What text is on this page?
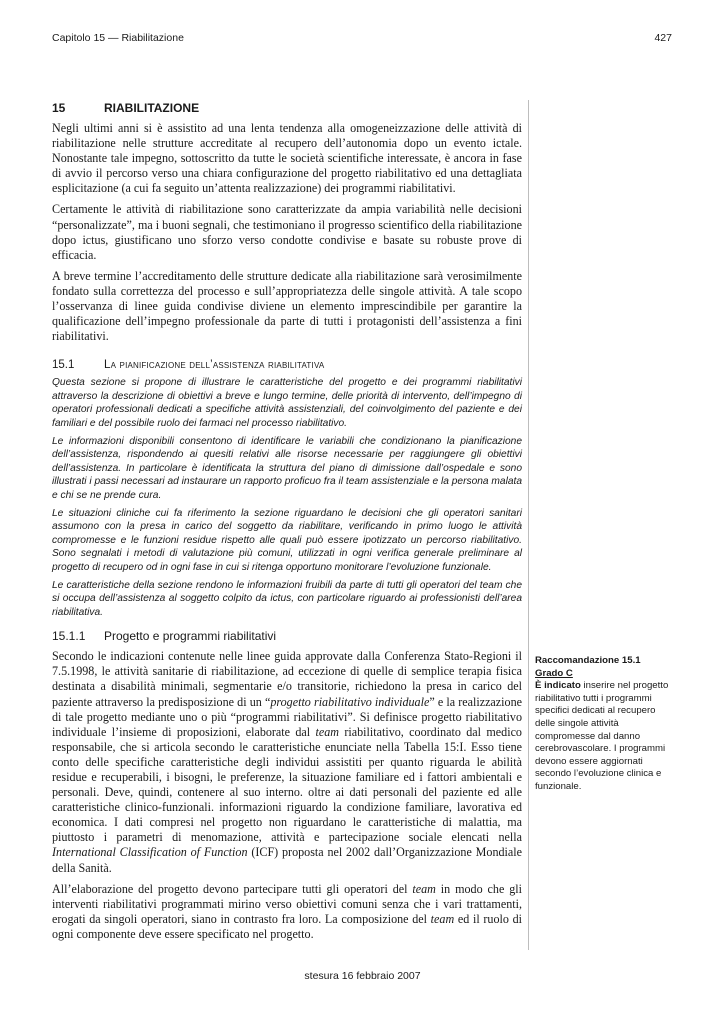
Capitolo 15 — Riabilitazione	427
15	RIABILITAZIONE

Negli ultimi anni si è assistito ad una lenta tendenza alla omogeneizzazione delle attività di riabilitazione nelle strutture accreditate al recupero dell’autonomia dopo un evento ictale. Nonostante tale impegno, sottoscritto da tutte le società scientifiche interessate, è ancora in fase di avvio il percorso verso una chiara configurazione del progetto riabilitativo ed una dettagliata esplicitazione (a cui fa seguito un’attenta realizzazione) dei programmi riabilitativi.

Certamente le attività di riabilitazione sono caratterizzate da ampia variabilità nelle decisioni “personalizzate”, ma i buoni segnali, che testimoniano il progresso scientifico della riabilitazione dopo ictus, giustificano uno sforzo verso condotte condivise e basate su robuste prove di efficacia.

A breve termine l’accreditamento delle strutture dedicate alla riabilitazione sarà verosimilmente fondato sulla correttezza del processo e sull’appropriatezza delle singole attività. A tale scopo l’osservanza di linee guida condivise diviene un elemento imprescindibile per garantire la qualificazione dell’impegno professionale da parte di tutti i protagonisti dell’assistenza a fini riabilitativi.

15.1	La pianificazione dell’assistenza riabilitativa

Questa sezione si propone di illustrare le caratteristiche del progetto e dei programmi riabilitativi attraverso la descrizione di obiettivi a breve e lungo termine, delle priorità di intervento, dell’impegno di operatori professionali dedicati a specifiche attività assistenziali, del coinvolgimento del paziente e dei familiari e del possibile ruolo dei farmaci nel processo riabilitativo.

Le informazioni disponibili consentono di identificare le variabili che condizionano la pianificazione dell’assistenza, rispondendo ai quesiti relativi alle risorse necessarie per raggiungere gli obiettivi dell’assistenza. In particolare è identificata la struttura del piano di dimissione dall’ospedale e sono illustrati i passi necessari ad instaurare un rapporto proficuo fra il team assistenziale e la persona malata e chi se ne prende cura.

Le situazioni cliniche cui fa riferimento la sezione riguardano le decisioni che gli operatori sanitari assumono con la presa in carico del soggetto da riabilitare, verificando in primo luogo le attività compromesse e le funzioni residue rispetto alle quali può essere ipotizzato un percorso riabilitativo. Sono segnalati i metodi di valutazione più comuni, utilizzati in ogni verifica generale preliminare al progetto di recupero od in ogni fase in cui si ritenga opportuno monitorare l’evoluzione funzionale.

Le caratteristiche della sezione rendono le informazioni fruibili da parte di tutti gli operatori del team che si occupa dell’assistenza al soggetto colpito da ictus, con particolare riguardo ai professionisti dell’area riabilitativa.

15.1.1 Progetto e programmi riabilitativi

Secondo le indicazioni contenute nelle linee guida approvate dalla Conferenza Stato-Regioni il 7.5.1998, le attività sanitarie di riabilitazione, ad eccezione di quelle di semplice terapia fisica destinata a disabilità minimali, segmentarie e/o transitorie, richiedono la presa in carico del paziente attraverso la predisposizione di un “progetto riabilitativo individuale” e la realizzazione di tale progetto mediante uno o più “programmi riabilitativi”. Si definisce progetto riabilitativo individuale l’insieme di proposizioni, elaborate dal team riabilitativo, coordinato dal medico responsabile, che si articola secondo le caratteristiche enunciate nella Tabella 15:I. Esso tiene conto delle specifiche caratteristiche degli individui assistiti per quanto riguarda le abilità residue e recuperabili, i bisogni, le preferenze, la situazione familiare ed i fattori ambientali e personali. Deve, quindi, contenere al suo interno. oltre ai dati personali del paziente ed alle caratteristiche clinico-funzionali. informazioni riguardo la condizione familiare, lavorativa ed economica. I dati compresi nel progetto non riguardano le caratteristiche di malattia, ma piuttosto i parametri di menomazione, attività e partecipazione sociale elencati nella International Classification of Function (ICF) proposta nel 2002 dall’Organizzazione Mondiale della Sanità.

All’elaborazione del progetto devono partecipare tutti gli operatori del team in modo che gli interventi riabilitativi programmati mirino verso obiettivi comuni senza che i vari trattamenti, erogati da singoli operatori, siano in contrasto fra loro. La composizione del team ed il ruolo di ogni componente deve essere specificato nel progetto.

Raccomandazione 15.1
Grado C

È indicato inserire nel progetto riabilitativo tutti i programmi specifici dedicati al recupero delle singole attività compromesse dal danno cerebrovascolare. I programmi devono essere aggiornati secondo l’evoluzione clinica e funzionale.

stesura 16 febbraio 2007
